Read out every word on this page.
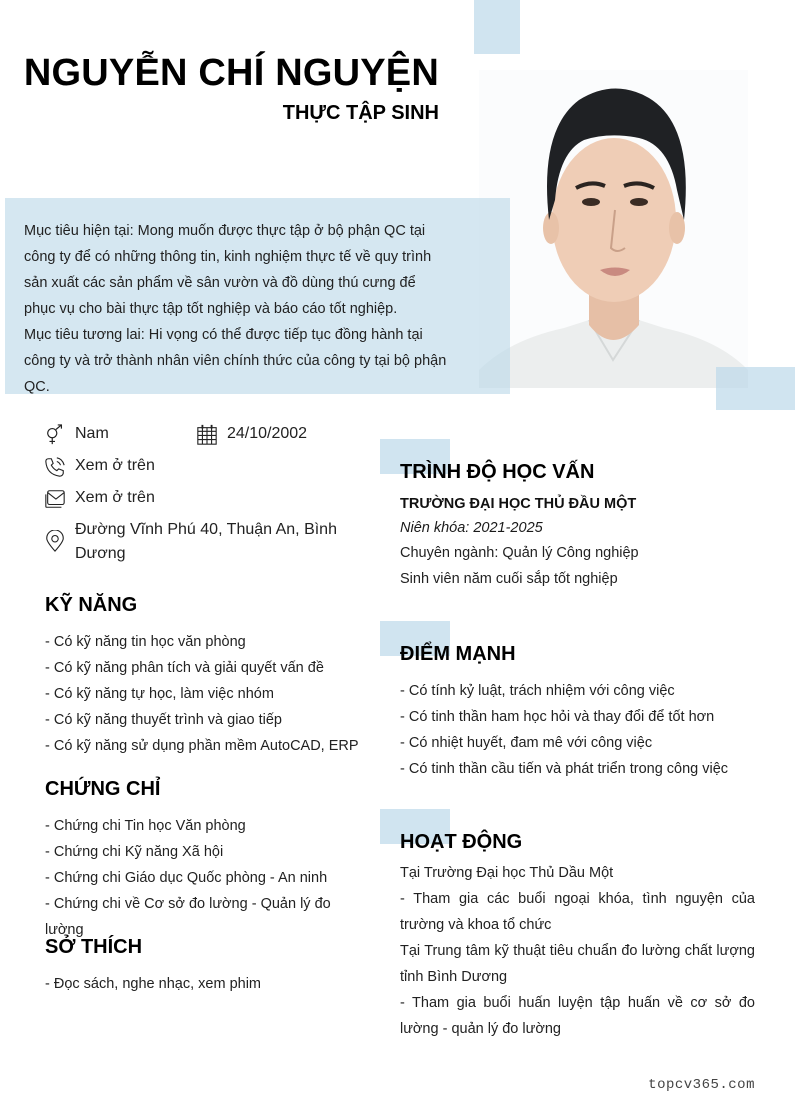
NGUYỄN CHÍ NGUYỆN
THỰC TẬP SINH

Mục tiêu hiện tại: Mong muốn được thực tập ở bộ phận QC tại công ty để có những thông tin, kinh nghiệm thực tế về quy trình sản xuất các sản phẩm về sân vườn và đồ dùng thú cưng để phục vụ cho bài thực tập tốt nghiệp và báo cáo tốt nghiệp.

Mục tiêu tương lai: Hi vọng có thể được tiếp tục đồng hành tại công ty và trở thành nhân viên chính thức của công ty tại bộ phận QC.

Nam	24/10/2002
Xem ở trên
Xem ở trên
Đường Vĩnh Phú 40, Thuận An, Bình Dương
KỸ NĂNG
- Có kỹ năng tin học văn phòng
- Có kỹ năng phân tích và giải quyết vấn đề
- Có kỹ năng tự học, làm việc nhóm
- Có kỹ năng thuyết trình và giao tiếp
- Có kỹ năng sử dụng phần mềm AutoCAD, ERP
CHỨNG CHỈ
- Chứng chi Tin học Văn phòng
- Chứng chi Kỹ năng Xã hội
- Chứng chi Giáo dục Quốc phòng - An ninh
- Chứng chi về Cơ sở đo lường - Quản lý đo lường
SỞ THÍCH
- Đọc sách, nghe nhạc, xem phim
TRÌNH ĐỘ HỌC VẤN
TRƯỜNG ĐẠI HỌC THỦ ĐẦU MỘT
Niên khóa: 2021-2025
Chuyên ngành: Quản lý Công nghiệp
Sinh viên năm cuối sắp tốt nghiệp
ĐIỂM MẠNH
- Có tính kỷ luật, trách nhiệm với công việc
- Có tinh thần ham học hỏi và thay đổi để tốt hơn
- Có nhiệt huyết, đam mê với công việc
- Có tinh thần cầu tiến và phát triển trong công việc
HOẠT ĐỘNG
Tại Trường Đại học Thủ Dầu Một
- Tham gia các buổi ngoại khóa, tình nguyện của trường và khoa tổ chức
Tại Trung tâm kỹ thuật tiêu chuẩn đo lường chất lượng tỉnh Bình Dương
- Tham gia buổi huấn luyện tập huấn về cơ sở đo lường - quản lý đo lường
topcv365.com
